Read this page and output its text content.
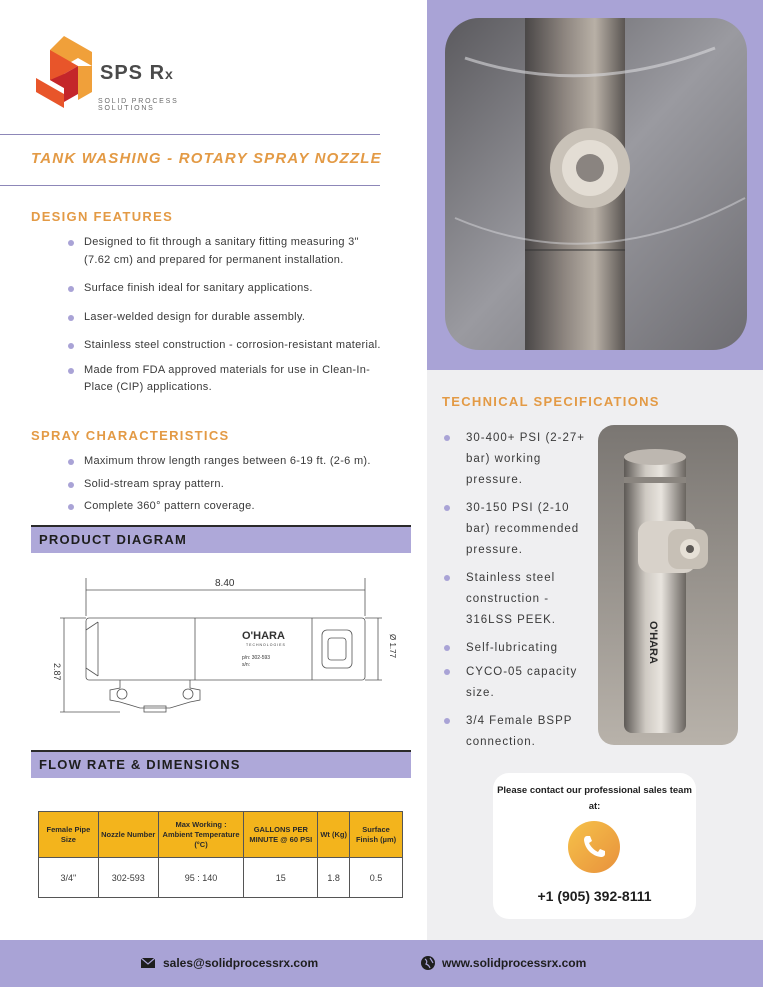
SPS Rx
SOLID PROCESS SOLUTIONS
TANK WASHING - ROTARY SPRAY NOZZLE
DESIGN FEATURES
Designed to fit through a sanitary fitting measuring 3" (7.62 cm) and prepared for permanent installation.
Surface finish ideal for sanitary applications.
Laser-welded design for durable assembly.
Stainless steel construction - corrosion-resistant material.
Made from FDA approved materials for use in Clean-In-Place (CIP) applications.
SPRAY CHARACTERISTICS
Maximum throw length ranges between 6-19 ft. (2-6 m).
Solid-stream spray pattern.
Complete 360° pattern coverage.
PRODUCT DIAGRAM
8.40
2.87
Ø 1.77
O'HARA
TECHNOLOGIES
p/n: 302-593
s/n:
FLOW RATE & DIMENSIONS
Female Pipe Size	Nozzle Number	Max Working : Ambient Temperature (°C)	GALLONS PER MINUTE @ 60 PSI	Wt (Kg)	Surface Finish (µm)
3/4"	302-593	95 : 140	15	1.8	0.5
TECHNICAL SPECIFICATIONS
30-400+ PSI (2-27+ bar) working pressure.
30-150 PSI (2-10 bar) recommended pressure.
Stainless steel construction - 316LSS PEEK.
Self-lubricating
CYCO-05 capacity size.
3/4 Female BSPP connection.
O'HARA
Please contact our professional sales team at:
+1 (905) 392-8111
sales@solidprocessrx.com	www.solidprocessrx.com
